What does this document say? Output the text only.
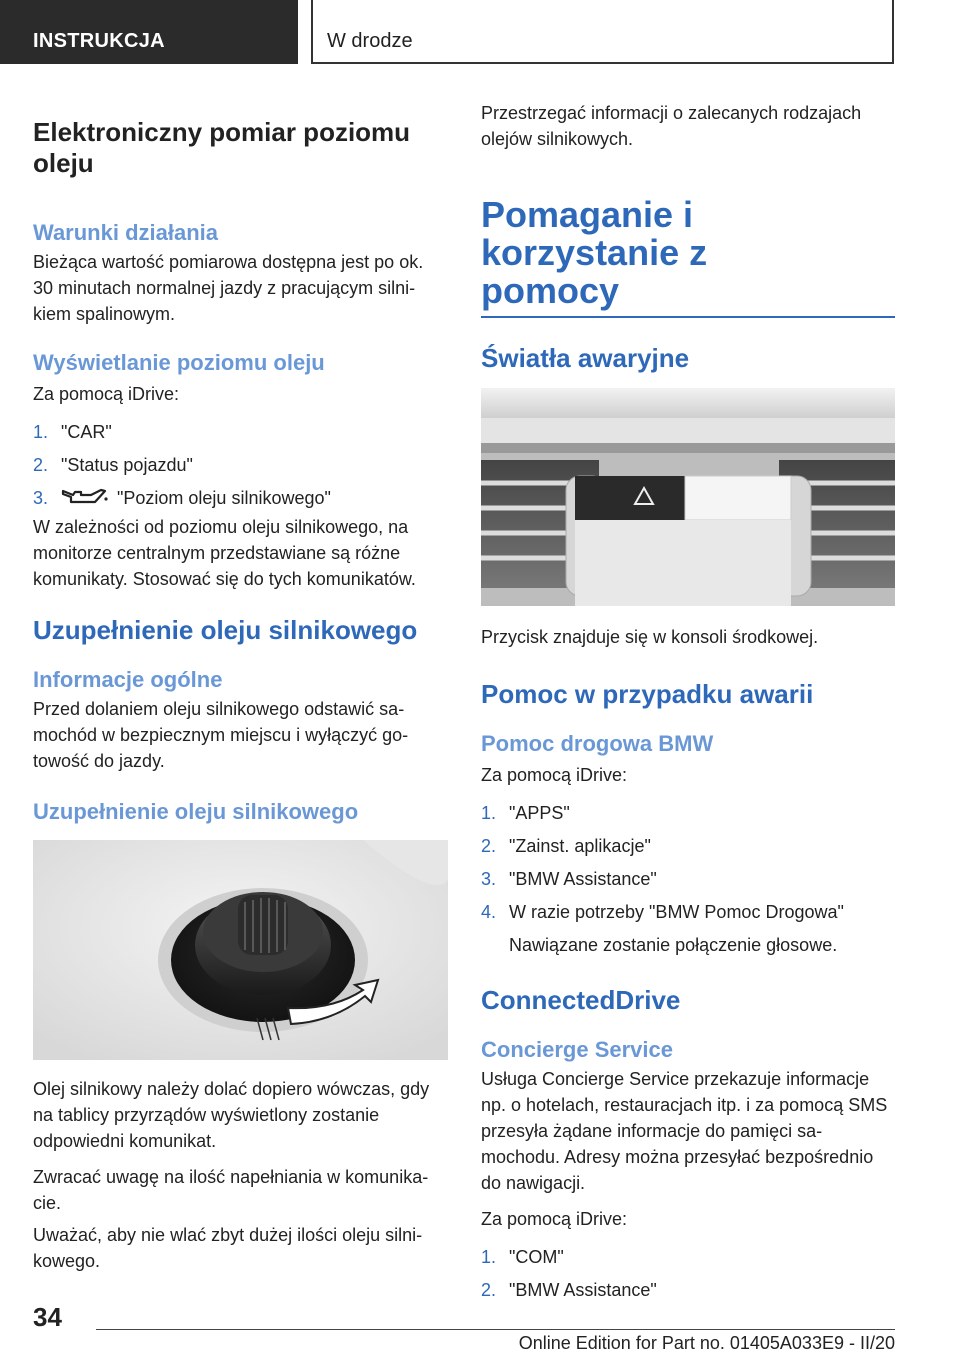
INSTRUKCJA	W drodze
Elektroniczny pomiar poziomu oleju
Warunki działania

Bieżąca wartość pomiarowa dostępna jest po ok. 30 minutach normalnej jazdy z pracującym silni-kiem spalinowym.

Wyświetlanie poziomu oleju

Za pomocą iDrive:

1. "CAR"
2. "Status pojazdu"
3.	"Poziom oleju silnikowego"

W zależności od poziomu oleju silnikowego, na monitorze centralnym przedstawiane są różne komunikaty. Stosować się do tych komunikatów.

Uzupełnienie oleju silnikowego
Informacje ogólne

Przed dolaniem oleju silnikowego odstawić sa-mochód w bezpiecznym miejscu i wyłączyć go-towość do jazdy.

Uzupełnienie oleju silnikowego

Olej silnikowy należy dolać dopiero wówczas, gdy na tablicy przyrządów wyświetlony zostanie odpowiedni komunikat.

Zwracać uwagę na ilość napełniania w komunika-cie.

Uważać, aby nie wlać zbyt dużej ilości oleju silni-kowego.

Przestrzegać informacji o zalecanych rodzajach olejów silnikowych.

Pomaganie i korzystanie z pomocy
Światła awaryjne

Przycisk znajduje się w konsoli środkowej.

Pomoc w przypadku awarii
Pomoc drogowa BMW

Za pomocą iDrive:

1. "APPS"
2. "Zainst. aplikacje"
3. "BMW Assistance"
4. W razie potrzeby "BMW Pomoc Drogowa"

Nawiązane zostanie połączenie głosowe.

ConnectedDrive
Concierge Service

Usługa Concierge Service przekazuje informacje np. o hotelach, restauracjach itp. i za pomocą SMS przesyła żądane informacje do pamięci sa-mochodu. Adresy można przesyłać bezpośrednio do nawigacji.

Za pomocą iDrive:

1. "COM"
2. "BMW Assistance"
34
Online Edition for Part no. 01405A033E9 - II/20
